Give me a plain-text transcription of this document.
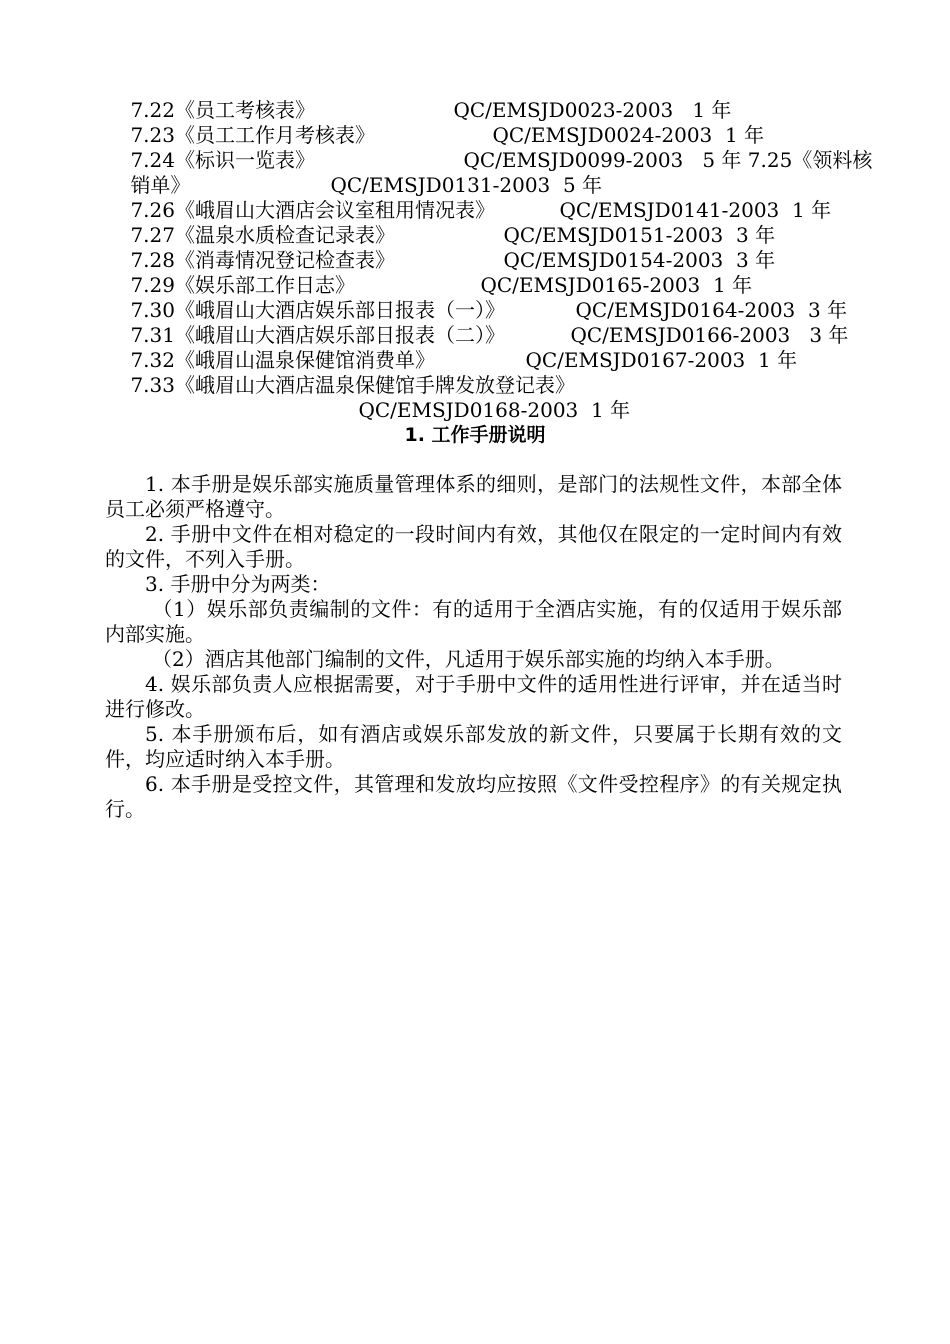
7.22《员工考核表》
	QC/EMSJD0023-2003 1 年

7.23《员工工作月考核表》
	QC/EMSJD0024-2003 1 年

7.24《标识一览表》
	QC/EMSJD0099-2003 5 年 7.25《领料核

销单》
	QC/EMSJD0131-2003 5 年

7.26《峨眉山大酒店会议室租用情况表》
	QC/EMSJD0141-2003 1 年

7.27《温泉水质检查记录表》
	QC/EMSJD0151-2003 3 年

7.28《消毒情况登记检查表》
	QC/EMSJD0154-2003 3 年

7.29《娱乐部工作日志》
	QC/EMSJD0165-2003 1 年

7.30《峨眉山大酒店娱乐部日报表（一）》
	QC/EMSJD0164-2003 3 年

7.31《峨眉山大酒店娱乐部日报表（二）》
	QC/EMSJD0166-2003 3 年

7.32《峨眉山温泉保健馆消费单》
	QC/EMSJD0167-2003 1 年

7.33《峨眉山大酒店温泉保健馆手牌发放登记表》

QC/EMSJD0168-2003 1 年

1. 工作手册说明
1. 本手册是娱乐部实施质量管理体系的细则，是部门的法规性文件，本部全体员工必须严格遵守。
2. 手册中文件在相对稳定的一段时间内有效，其他仅在限定的一定时间内有效的文件，不列入手册。
3. 手册中分为两类：
（1）娱乐部负责编制的文件：有的适用于全酒店实施，有的仅适用于娱乐部内部实施。
（2）酒店其他部门编制的文件，凡适用于娱乐部实施的均纳入本手册。
4. 娱乐部负责人应根据需要，对于手册中文件的适用性进行评审，并在适当时进行修改。
5. 本手册颁布后，如有酒店或娱乐部发放的新文件，只要属于长期有效的文件，均应适时纳入本手册。
6. 本手册是受控文件，其管理和发放均应按照《文件受控程序》的有关规定执行。
